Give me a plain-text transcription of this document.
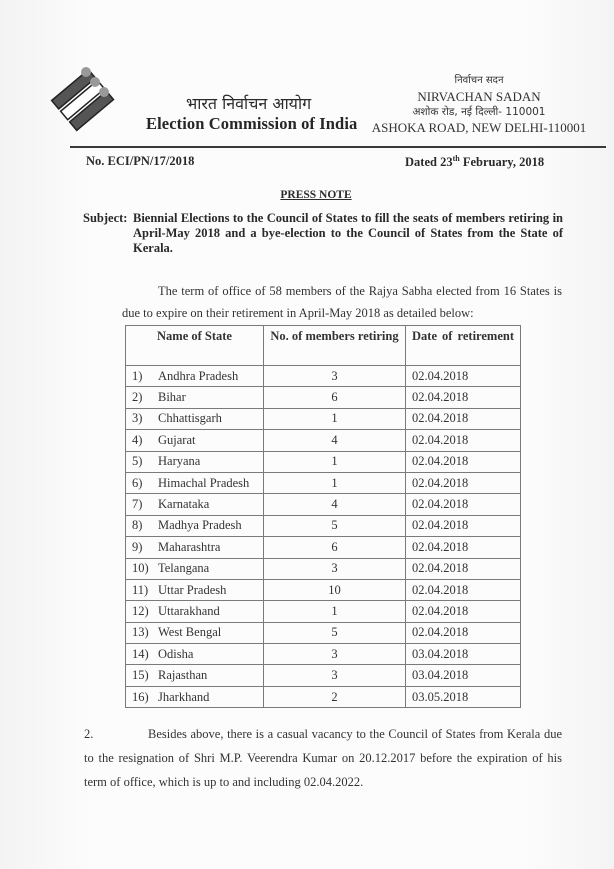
भारत निर्वाचन आयोग
Election Commission of India
निर्वाचन सदन
NIRVACHAN SADAN
अशोक रोड, नई दिल्ली- 110001
ASHOKA ROAD, NEW DELHI-110001
No. ECI/PN/17/2018	Dated 23th February, 2018
PRESS NOTE
Subject: Biennial Elections to the Council of States to fill the seats of members retiring in April-May 2018 and a bye-election to the Council of States from the State of Kerala.
The term of office of 58 members of the Rajya Sabha elected from 16 States is due to expire on their retirement in April-May 2018 as detailed below:
Name of State	No. of members retiring	Date of retirement
1) Andhra Pradesh	3	02.04.2018
2) Bihar	6	02.04.2018
3) Chhattisgarh	1	02.04.2018
4) Gujarat	4	02.04.2018
5) Haryana	1	02.04.2018
6) Himachal Pradesh	1	02.04.2018
7) Karnataka	4	02.04.2018
8) Madhya Pradesh	5	02.04.2018
9) Maharashtra	6	02.04.2018
10) Telangana	3	02.04.2018
11) Uttar Pradesh	10	02.04.2018
12) Uttarakhand	1	02.04.2018
13) West Bengal	5	02.04.2018
14) Odisha	3	03.04.2018
15) Rajasthan	3	03.04.2018
16) Jharkhand	2	03.05.2018
2.	Besides above, there is a casual vacancy to the Council of States from Kerala due to the resignation of Shri M.P. Veerendra Kumar on 20.12.2017 before the expiration of his term of office, which is up to and including 02.04.2022.
